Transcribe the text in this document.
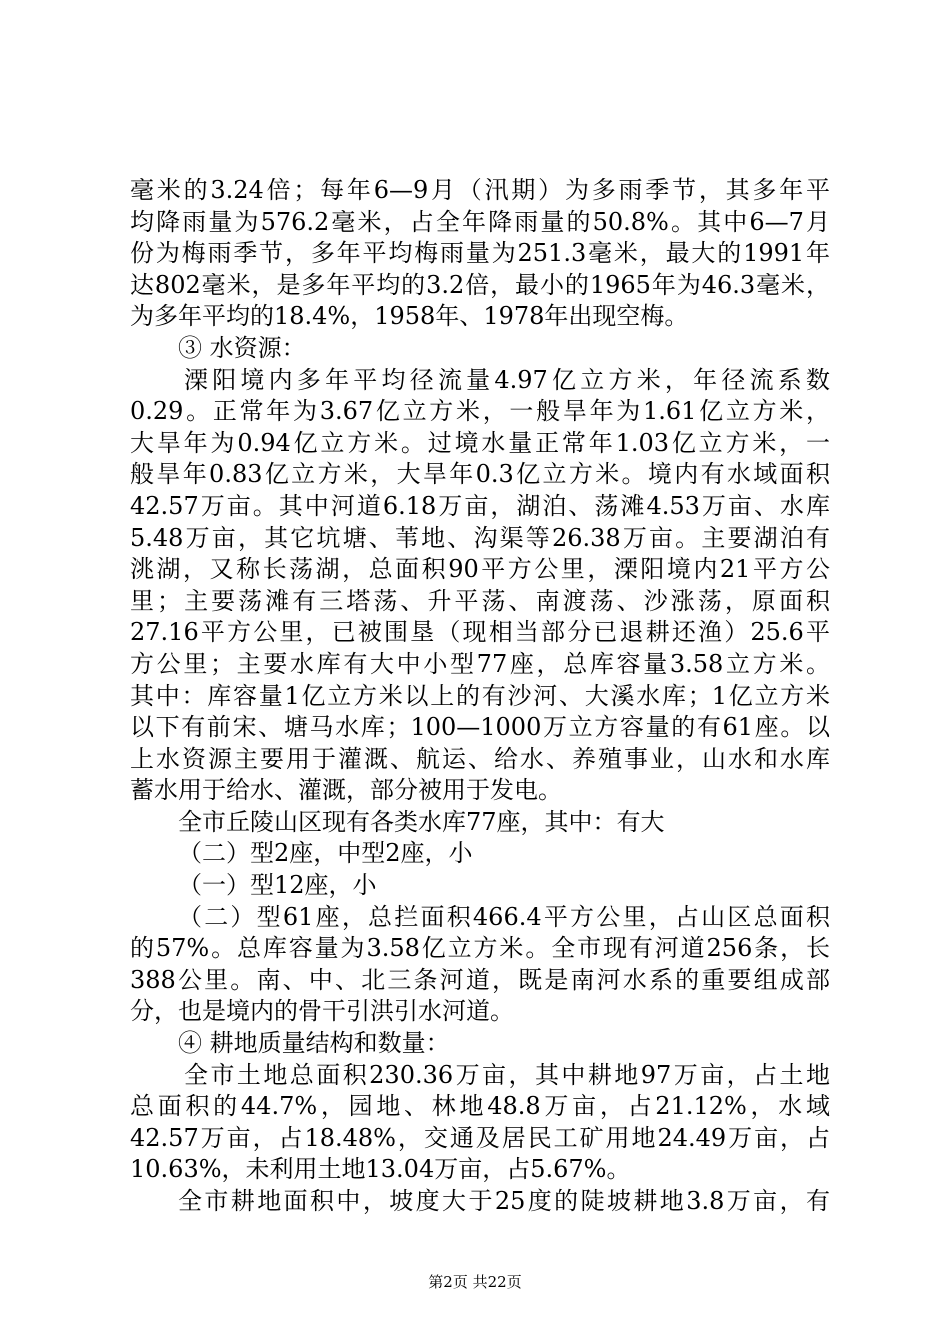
毫米的3.24倍；每年6—9月（汛期）为多雨季节，其多年平
均降雨量为576.2毫米，占全年降雨量的50.8%。其中6—7月
份为梅雨季节，多年平均梅雨量为251.3毫米，最大的1991年
达802毫米，是多年平均的3.2倍，最小的1965年为46.3毫米，
为多年平均的18.4%，1958年、1978年出现空梅。
③ 水资源：
溧阳境内多年平均径流量4.97亿立方米，年径流系数
0.29。正常年为3.67亿立方米，一般旱年为1.61亿立方米，
大旱年为0.94亿立方米。过境水量正常年1.03亿立方米，一
般旱年0.83亿立方米，大旱年0.3亿立方米。境内有水域面积
42.57万亩。其中河道6.18万亩，湖泊、荡滩4.53万亩、水库
5.48万亩，其它坑塘、苇地、沟渠等26.38万亩。主要湖泊有
洮湖，又称长荡湖，总面积90平方公里，溧阳境内21平方公
里；主要荡滩有三塔荡、升平荡、南渡荡、沙涨荡，原面积
27.16平方公里，已被围垦（现相当部分已退耕还渔）25.6平
方公里；主要水库有大中小型77座，总库容量3.58立方米。
其中：库容量1亿立方米以上的有沙河、大溪水库；1亿立方米
以下有前宋、塘马水库；100—1000万立方容量的有61座。以
上水资源主要用于灌溉、航运、给水、养殖事业，山水和水库
蓄水用于给水、灌溉，部分被用于发电。
全市丘陵山区现有各类水库77座，其中：有大
（二）型2座，中型2座，小
（一）型12座，小
（二）型61座，总拦面积466.4平方公里，占山区总面积
的57%。总库容量为3.58亿立方米。全市现有河道256条，长
388公里。南、中、北三条河道，既是南河水系的重要组成部
分，也是境内的骨干引洪引水河道。
④ 耕地质量结构和数量：
全市土地总面积230.36万亩，其中耕地97万亩，占土地
总面积的44.7%，园地、林地48.8万亩，占21.12%，水域
42.57万亩，占18.48%，交通及居民工矿用地24.49万亩，占
10.63%，未利用土地13.04万亩，占5.67%。
全市耕地面积中，坡度大于25度的陡坡耕地3.8万亩，有
第2页 共22页
